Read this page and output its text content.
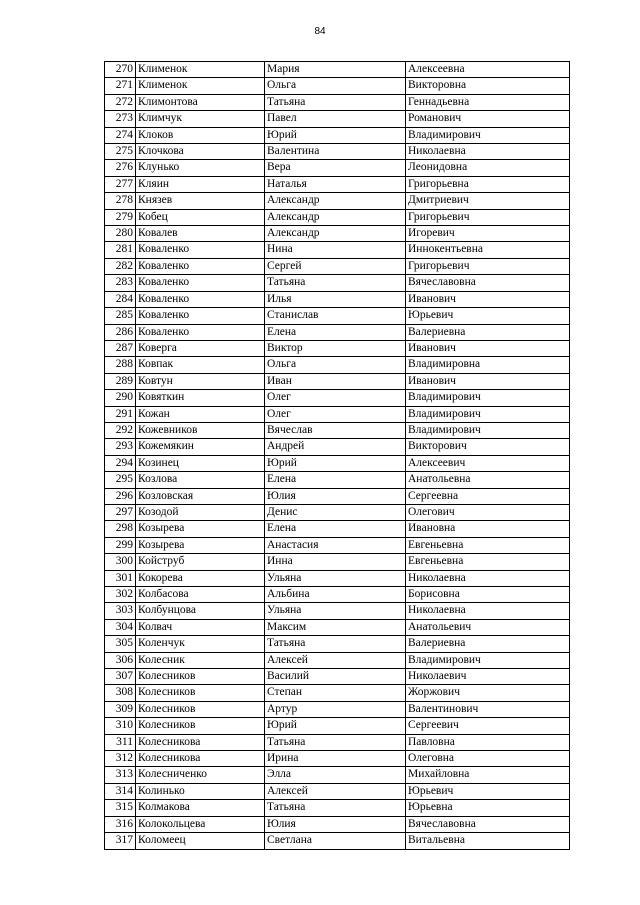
84
270	Клименок	Мария	Алексеевна
271	Клименок	Ольга	Викторовна
272	Климонтова	Татьяна	Геннадьевна
273	Климчук	Павел	Романович
274	Клоков	Юрий	Владимирович
275	Клочкова	Валентина	Николаевна
276	Клунько	Вера	Леонидовна
277	Кляин	Наталья	Григорьевна
278	Князев	Александр	Дмитриевич
279	Кобец	Александр	Григорьевич
280	Ковалев	Александр	Игоревич
281	Коваленко	Нина	Иннокентьевна
282	Коваленко	Сергей	Григорьевич
283	Коваленко	Татьяна	Вячеславовна
284	Коваленко	Илья	Иванович
285	Коваленко	Станислав	Юрьевич
286	Коваленко	Елена	Валериевна
287	Коверга	Виктор	Иванович
288	Ковпак	Ольга	Владимировна
289	Ковтун	Иван	Иванович
290	Ковяткин	Олег	Владимирович
291	Кожан	Олег	Владимирович
292	Кожевников	Вячеслав	Владимирович
293	Кожемякин	Андрей	Викторович
294	Козинец	Юрий	Алексеевич
295	Козлова	Елена	Анатольевна
296	Козловская	Юлия	Сергеевна
297	Козодой	Денис	Олегович
298	Козырева	Елена	Ивановна
299	Козырева	Анастасия	Евгеньевна
300	Койструб	Инна	Евгеньевна
301	Кокорева	Ульяна	Николаевна
302	Колбасова	Альбина	Борисовна
303	Колбунцова	Ульяна	Николаевна
304	Колвач	Максим	Анатольевич
305	Коленчук	Татьяна	Валериевна
306	Колесник	Алексей	Владимирович
307	Колесников	Василий	Николаевич
308	Колесников	Степан	Жоржович
309	Колесников	Артур	Валентинович
310	Колесников	Юрий	Сергеевич
311	Колесникова	Татьяна	Павловна
312	Колесникова	Ирина	Олеговна
313	Колесниченко	Элла	Михайловна
314	Колинько	Алексей	Юрьевич
315	Колмакова	Татьяна	Юрьевна
316	Колокольцева	Юлия	Вячеславовна
317	Коломеец	Светлана	Витальевна
